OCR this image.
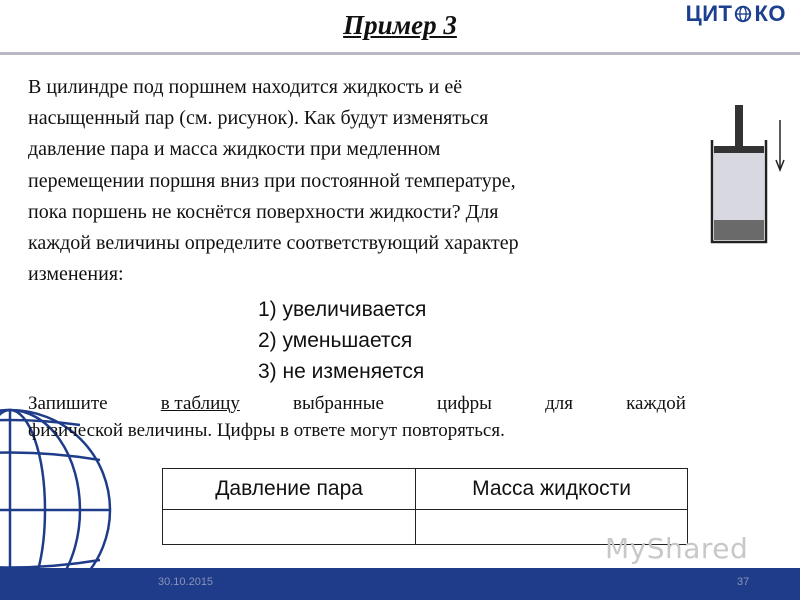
Пример 3	ЦИТ КО
В цилиндре под поршнем находится жидкость и её
насыщенный пар (см. рисунок). Как будут изменяться
давление пара и масса жидкости при медленном
перемещении поршня вниз при постоянной температуре,
пока поршень не коснётся поверхности жидкости? Для
каждой величины определите соответствующий характер
изменения:
1) увеличивается
2) уменьшается
3) не изменяется
Запишите	в таблицу	выбранные	цифры	для	каждой
физической величины. Цифры в ответе могут повторяться.
Давление пара	Масса жидкости

MyShared
30.10.2015	37
